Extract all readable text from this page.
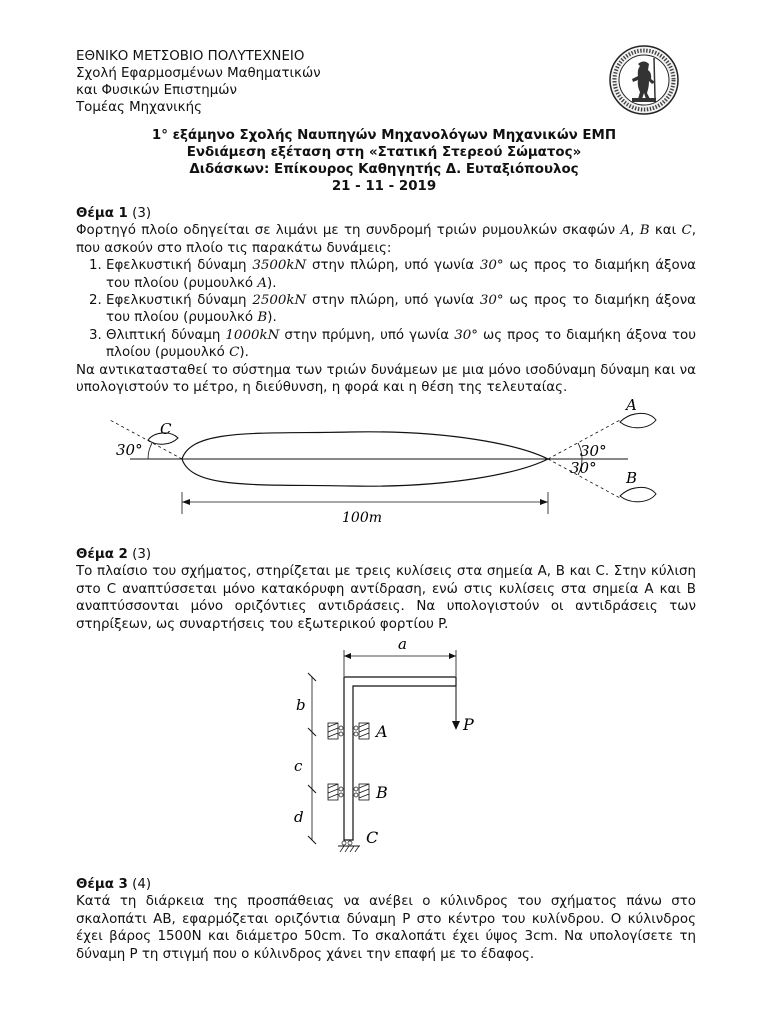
ΕΘΝΙΚΟ ΜΕΤΣΟΒΙΟ ΠΟΛΥΤΕΧΝΕΙΟ
Σχολή Εφαρμοσμένων Μαθηματικών
και Φυσικών Επιστημών
Τομέας Μηχανικής
1° εξάμηνο Σχολής Ναυπηγών Μηχανολόγων Μηχανικών ΕΜΠ
Ενδιάμεση εξέταση στη «Στατική Στερεού Σώματος»
Διδάσκων: Επίκουρος Καθηγητής Δ. Ευταξιόπουλος
21 - 11 - 2019
Θέμα 1 (3)
Φορτηγό πλοίο οδηγείται σε λιμάνι με τη συνδρομή τριών ρυμουλκών σκαφών A, B και C, που ασκούν στο πλοίο τις παρακάτω δυνάμεις:
1. Εφελκυστική δύναμη 3500kN στην πλώρη, υπό γωνία 30° ως προς το διαμήκη άξονα του πλοίου (ρυμουλκό A).
2. Εφελκυστική δύναμη 2500kN στην πλώρη, υπό γωνία 30° ως προς το διαμήκη άξονα του πλοίου (ρυμουλκό B).
3. Θλιπτική δύναμη 1000kN στην πρύμνη, υπό γωνία 30° ως προς το διαμήκη άξονα του πλοίου (ρυμουλκό C).
Να αντικατασταθεί το σύστημα των τριών δυνάμεων με μια μόνο ισοδύναμη δύναμη και να υπολογιστούν το μέτρο, η διεύθυνση, η φορά και η θέση της τελευταίας.
A
B
C
30°	30°
30°
100m
Θέμα 2 (3)
Το πλαίσιο του σχήματος, στηρίζεται με τρεις κυλίσεις στα σημεία A, B και C. Στην κύλιση στο C αναπτύσσεται μόνο κατακόρυφη αντίδραση, ενώ στις κυλίσεις στα σημεία A και B αναπτύσσονται μόνο οριζόντιες αντιδράσεις. Να υπολογιστούν οι αντιδράσεις των στηρίξεων, ως συναρτήσεις του εξωτερικού φορτίου P.
P
a
b
c
d
A
B
C
Θέμα 3 (4)
Κατά τη διάρκεια της προσπάθειας να ανέβει ο κύλινδρος του σχήματος πάνω στο σκαλοπάτι AB, εφαρμόζεται οριζόντια δύναμη P στο κέντρο του κυλίνδρου. Ο κύλινδρος έχει βάρος 1500N και διάμετρο 50cm. Το σκαλοπάτι έχει ύψος 3cm. Να υπολογίσετε τη δύναμη P τη στιγμή που ο κύλινδρος χάνει την επαφή με το έδαφος.
